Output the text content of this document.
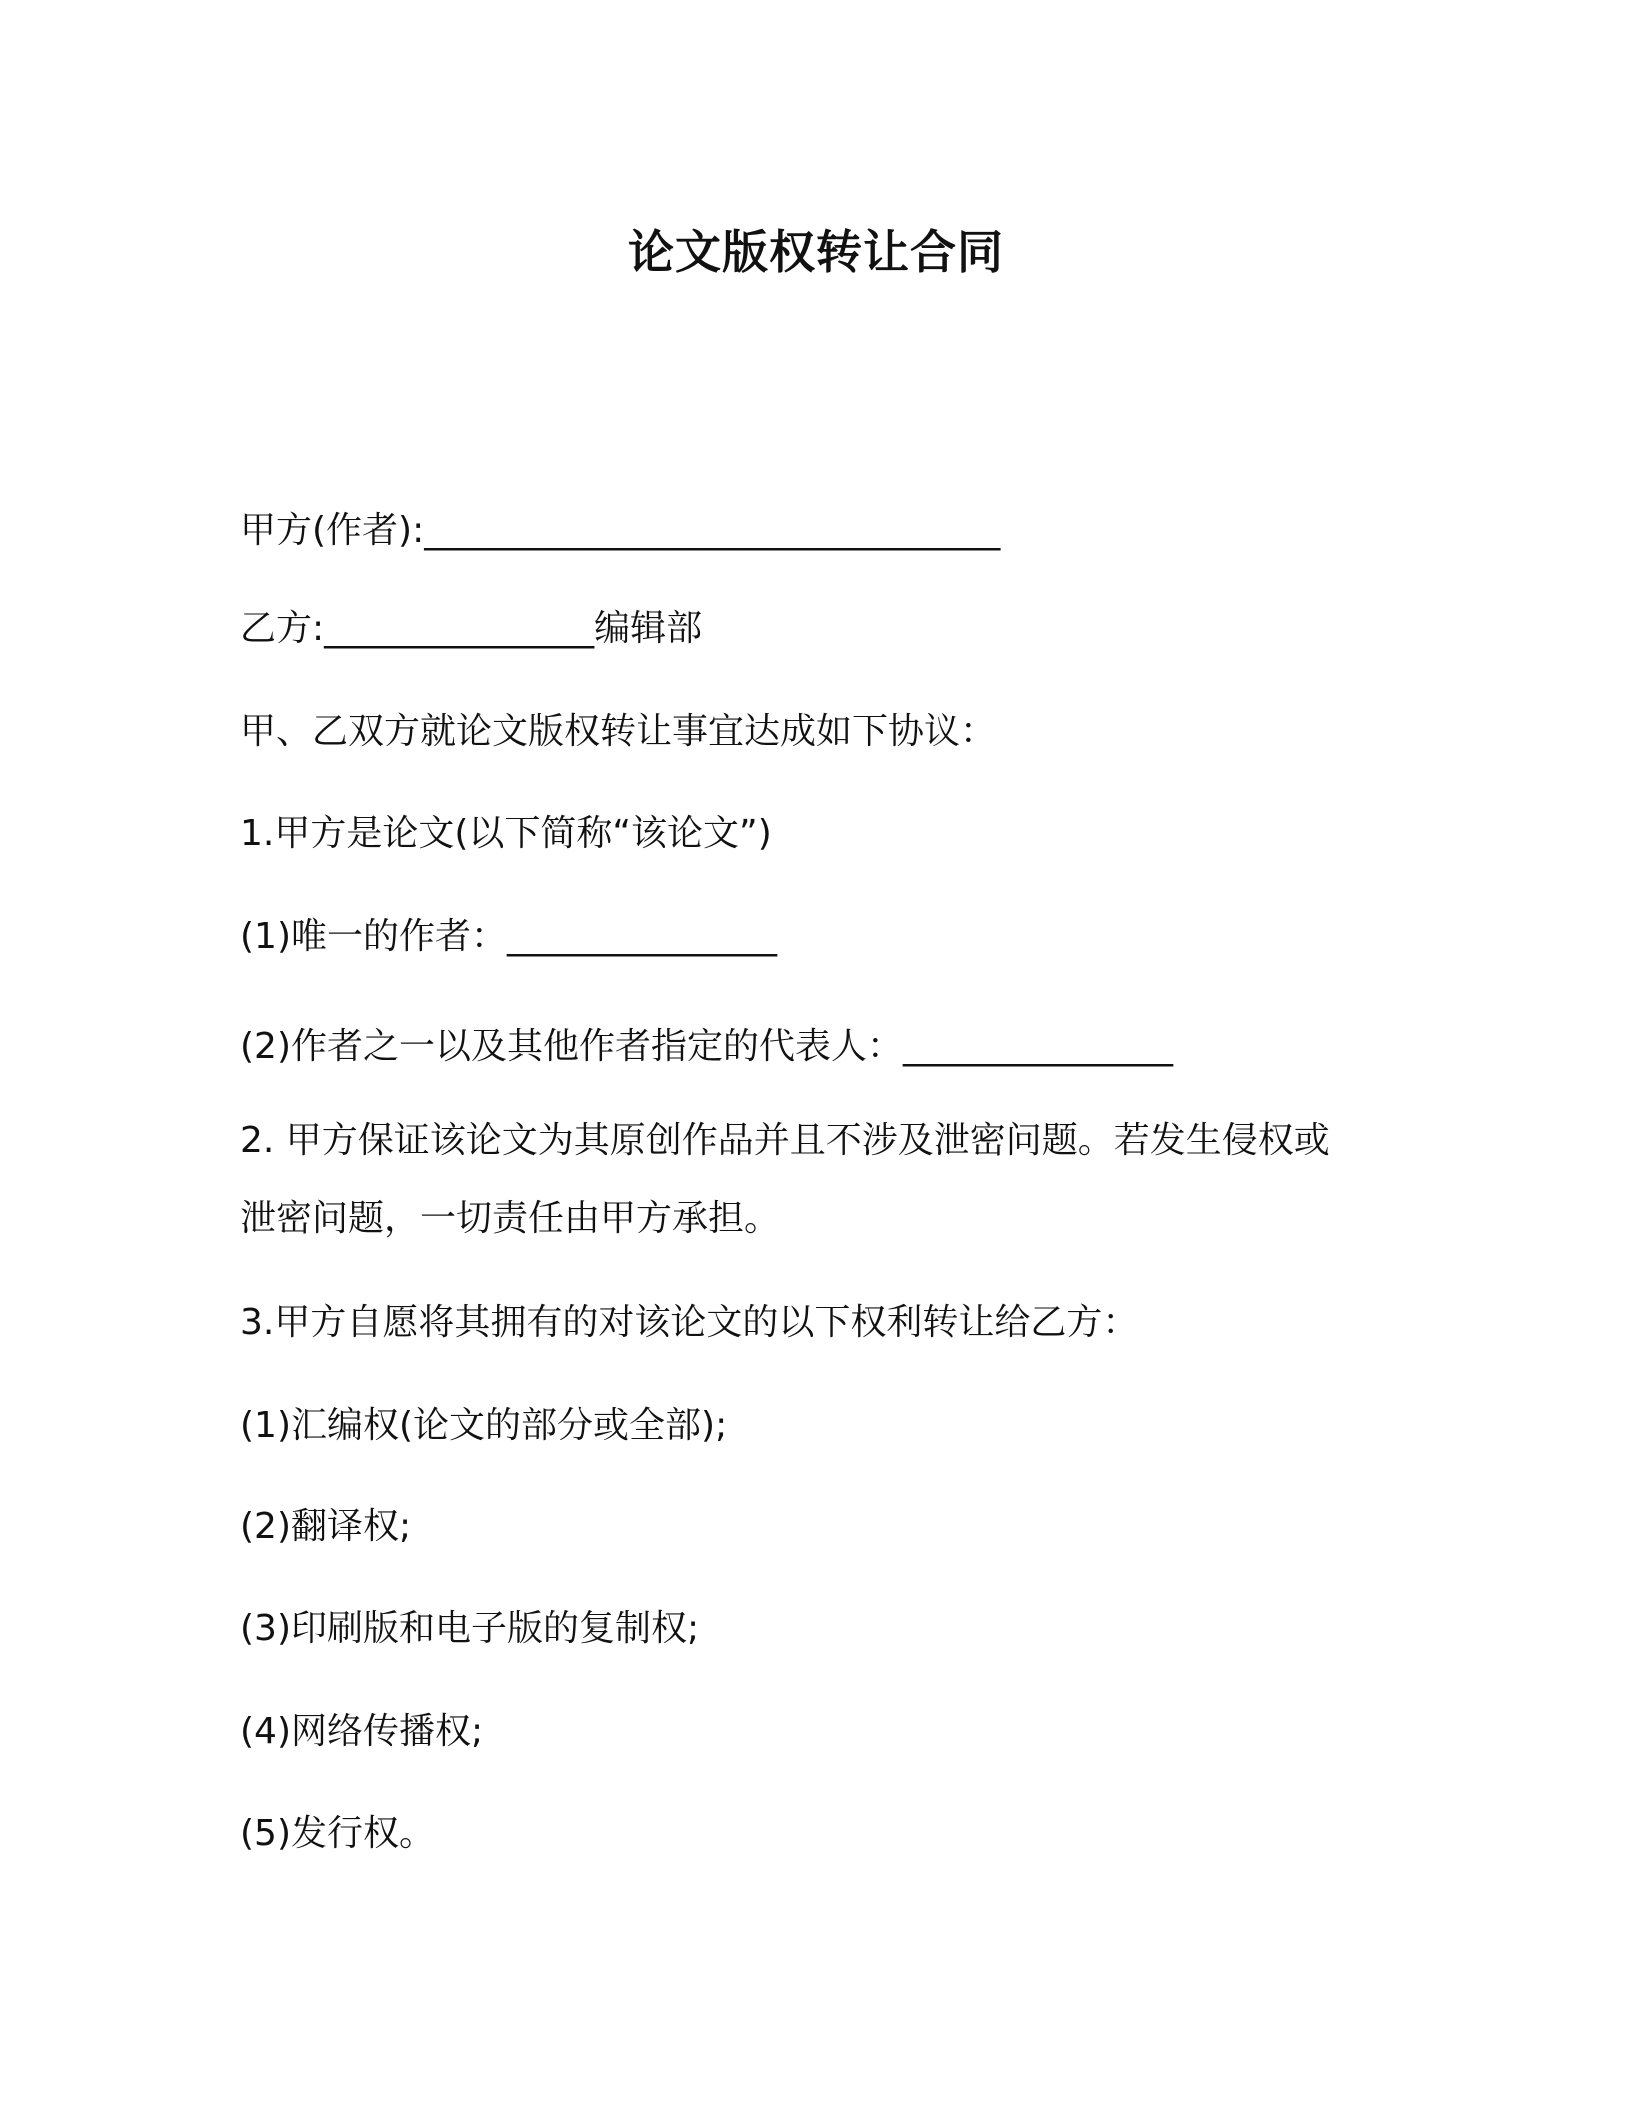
论文版权转让合同
甲方(作者):________________________________
乙方:_______________编辑部
甲、乙双方就论文版权转让事宜达成如下协议：
1.甲方是论文(以下简称“该论文”)
(1)唯一的作者：_______________
(2)作者之一以及其他作者指定的代表人：_______________
2. 甲方保证该论文为其原创作品并且不涉及泄密问题。若发生侵权或
泄密问题，一切责任由甲方承担。
3.甲方自愿将其拥有的对该论文的以下权利转让给乙方：
(1)汇编权(论文的部分或全部);
(2)翻译权;
(3)印刷版和电子版的复制权;
(4)网络传播权;
(5)发行权。
